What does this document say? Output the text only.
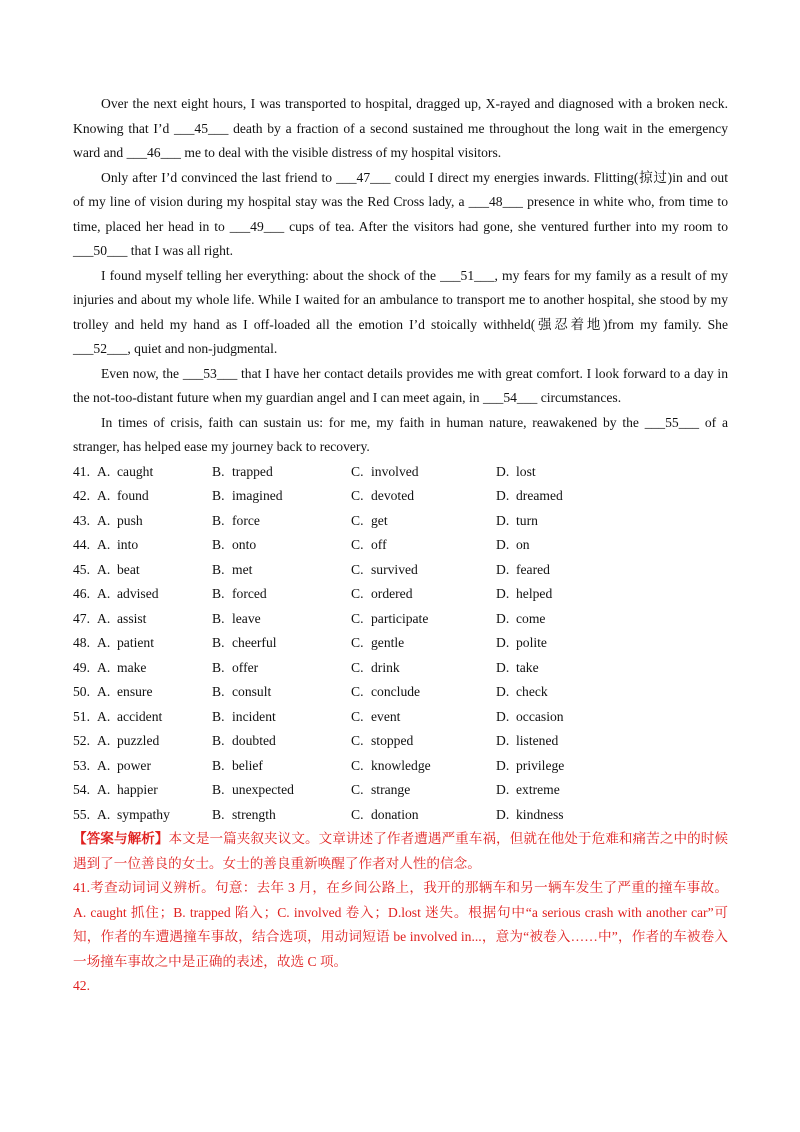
Over the next eight hours, I was transported to hospital, dragged up, X-rayed and diagnosed with a broken neck. Knowing that I’d ___45___ death by a fraction of a second sustained me throughout the long wait in the emergency ward and ___46___ me to deal with the visible distress of my hospital visitors.

Only after I’d convinced the last friend to ___47___ could I direct my energies inwards. Flitting(掠过)in and out of my line of vision during my hospital stay was the Red Cross lady, a ___48___ presence in white who, from time to time, placed her head in to ___49___ cups of tea. After the visitors had gone, she ventured further into my room to ___50___ that I was all right.

I found myself telling her everything: about the shock of the ___51___, my fears for my family as a result of my injuries and about my whole life. While I waited for an ambulance to transport me to another hospital, she stood by my trolley and held my hand as I off-loaded all the emotion I’d stoically withheld(强忍着地)from my family. She ___52___, quiet and non-judgmental.

Even now, the ___53___ that I have her contact details provides me with great comfort. I look forward to a day in the not-too-distant future when my guardian angel and I can meet again, in ___54___ circumstances.

In times of crisis, faith can sustain us: for me, my faith in human nature, reawakened by the ___55___ of a stranger, has helped ease my journey back to recovery.

41. A. caught	B. trapped	C. involved	D. lost
42. A. found	B. imagined	C. devoted	D. dreamed
43. A. push	B. force	C. get	D. turn
44. A. into	B. onto	C. off	D. on
45. A. beat	B. met	C. survived	D. feared
46. A. advised	B. forced	C. ordered	D. helped
47. A. assist	B. leave	C. participate	D. come
48. A. patient	B. cheerful	C. gentle	D. polite
49. A. make	B. offer	C. drink	D. take
50. A. ensure	B. consult	C. conclude	D. check
51. A. accident	B. incident	C. event	D. occasion
52. A. puzzled	B. doubted	C. stopped	D. listened
53. A. power	B. belief	C. knowledge	D. privilege
54. A. happier	B. unexpected	C. strange	D. extreme
55. A. sympathy	B. strength	C. donation	D. kindness

【答案与解析】本文是一篇夹叙夹议文。文章讲述了作者遭遇严重车祸，但就在他处于危难和痛苦之中的时候遇到了一位善良的女士。女士的善良重新唤醒了作者对人性的信念。

41.考查动词词义辨析。句意：去年 3 月，在乡间公路上，我开的那辆车和另一辆车发生了严重的撞车事故。A. caught 抓住；B. trapped 陷入；C. involved 卷入；D.lost 迷失。根据句中“a serious crash with another car”可知，作者的车遭遇撞车事故，结合选项，用动词短语 be involved in...，意为“被卷入……中”，作者的车被卷入一场撞车事故之中是正确的表述，故选 C 项。

42.
